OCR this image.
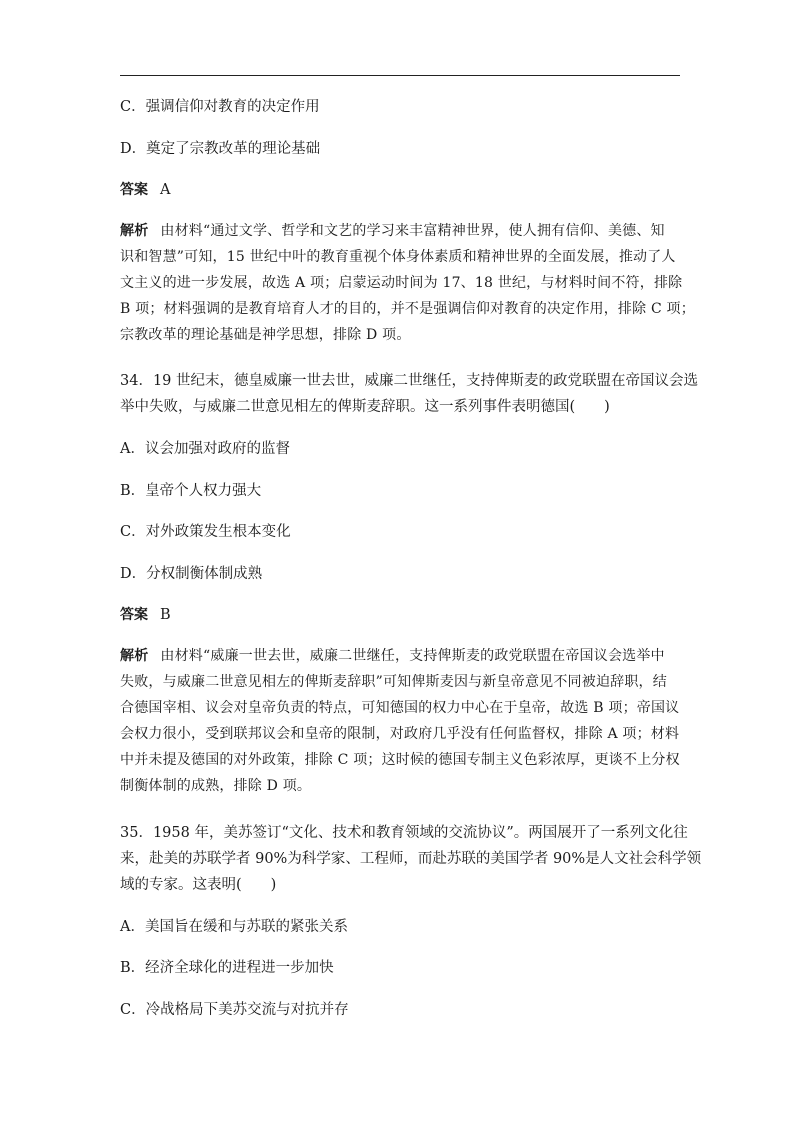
C．强调信仰对教育的决定作用
D．奠定了宗教改革的理论基础
答案 A
解析 由材料“通过文学、哲学和文艺的学习来丰富精神世界，使人拥有信仰、美德、知
识和智慧”可知，15 世纪中叶的教育重视个体身体素质和精神世界的全面发展，推动了人
文主义的进一步发展，故选 A 项；启蒙运动时间为 17、18 世纪，与材料时间不符，排除
B 项；材料强调的是教育培育人才的目的，并不是强调信仰对教育的决定作用，排除 C 项；
宗教改革的理论基础是神学思想，排除 D 项。
34．19 世纪末，德皇威廉一世去世，威廉二世继任，支持俾斯麦的政党联盟在帝国议会选
举中失败，与威廉二世意见相左的俾斯麦辞职。这一系列事件表明德国(　　)
A．议会加强对政府的监督
B．皇帝个人权力强大
C．对外政策发生根本变化
D．分权制衡体制成熟
答案 B
解析 由材料“威廉一世去世，威廉二世继任，支持俾斯麦的政党联盟在帝国议会选举中
失败，与威廉二世意见相左的俾斯麦辞职”可知俾斯麦因与新皇帝意见不同被迫辞职，结
合德国宰相、议会对皇帝负责的特点，可知德国的权力中心在于皇帝，故选 B 项；帝国议
会权力很小，受到联邦议会和皇帝的限制，对政府几乎没有任何监督权，排除 A 项；材料
中并未提及德国的对外政策，排除 C 项；这时候的德国专制主义色彩浓厚，更谈不上分权
制衡体制的成熟，排除 D 项。
35．1958 年，美苏签订“文化、技术和教育领域的交流协议”。两国展开了一系列文化往
来，赴美的苏联学者 90%为科学家、工程师，而赴苏联的美国学者 90%是人文社会科学领
域的专家。这表明(　　)
A．美国旨在缓和与苏联的紧张关系
B．经济全球化的进程进一步加快
C．冷战格局下美苏交流与对抗并存
